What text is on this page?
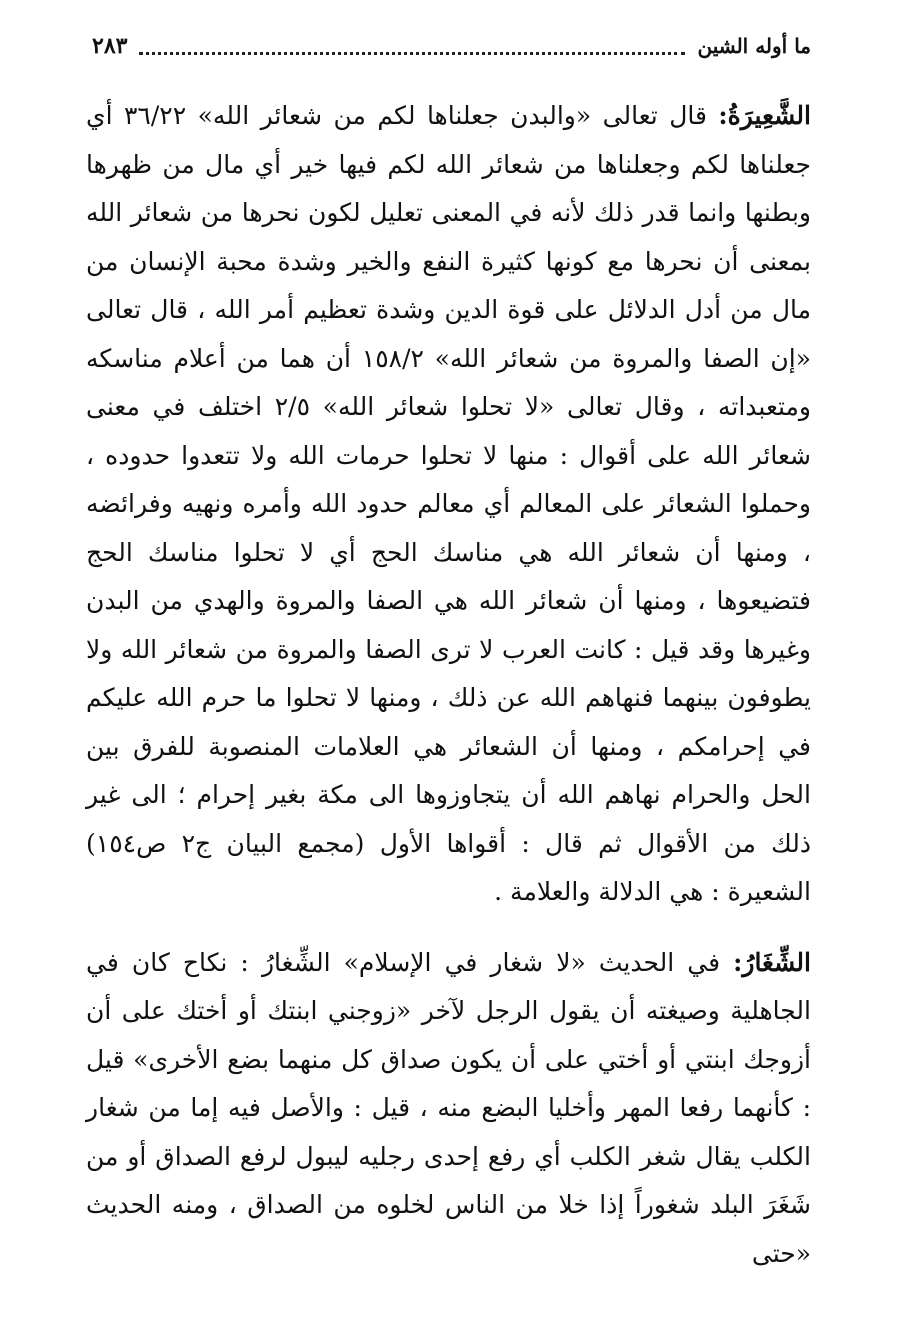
ما أوله الشين
٢٨٣

الشَّعِيرَةُ: قال تعالى «والبدن جعلناها لكم من شعائر الله» ٣٦/٢٢ أي جعلناها لكم وجعلناها من شعائر الله لكم فيها خير أي مال من ظهرها وبطنها وانما قدر ذلك لأنه في المعنى تعليل لكون نحرها من شعائر الله بمعنى أن نحرها مع كونها كثيرة النفع والخير وشدة محبة الإنسان من مال من أدل الدلائل على قوة الدين وشدة تعظيم أمر الله ، قال تعالى «إن الصفا والمروة من شعائر الله» ١٥٨/٢ أن هما من أعلام مناسكه ومتعبداته ، وقال تعالى «لا تحلوا شعائر الله» ٢/٥ اختلف في معنى شعائر الله على أقوال : منها لا تحلوا حرمات الله ولا تتعدوا حدوده ، وحملوا الشعائر على المعالم أي معالم حدود الله وأمره ونهيه وفرائضه ، ومنها أن شعائر الله هي مناسك الحج أي لا تحلوا مناسك الحج فتضيعوها ، ومنها أن شعائر الله هي الصفا والمروة والهدي من البدن وغيرها وقد قيل : كانت العرب لا ترى الصفا والمروة من شعائر الله ولا يطوفون بينهما فنهاهم الله عن ذلك ، ومنها لا تحلوا ما حرم الله عليكم في إحرامكم ، ومنها أن الشعائر هي العلامات المنصوبة للفرق بين الحل والحرام نهاهم الله أن يتجاوزوها الى مكة بغير إحرام ؛ الى غير ذلك من الأقوال ثم قال : أقواها الأول (مجمع البيان ج٢ ص١٥٤) الشعيرة : هي الدلالة والعلامة .

الشِّغَارُ: في الحديث «لا شغار في الإسلام» الشِّغارُ : نكاح كان في الجاهلية وصيغته أن يقول الرجل لآخر «زوجني ابنتك أو أختك على أن أزوجك ابنتي أو أختي على أن يكون صداق كل منهما بضع الأخرى» قيل : كأنهما رفعا المهر وأخليا البضع منه ، قيل : والأصل فيه إما من شغار الكلب يقال شغر الكلب أي رفع إحدى رجليه ليبول لرفع الصداق أو من شَغَرَ البلد شغوراً إذا خلا من الناس لخلوه من الصداق ، ومنه الحديث «حتى
